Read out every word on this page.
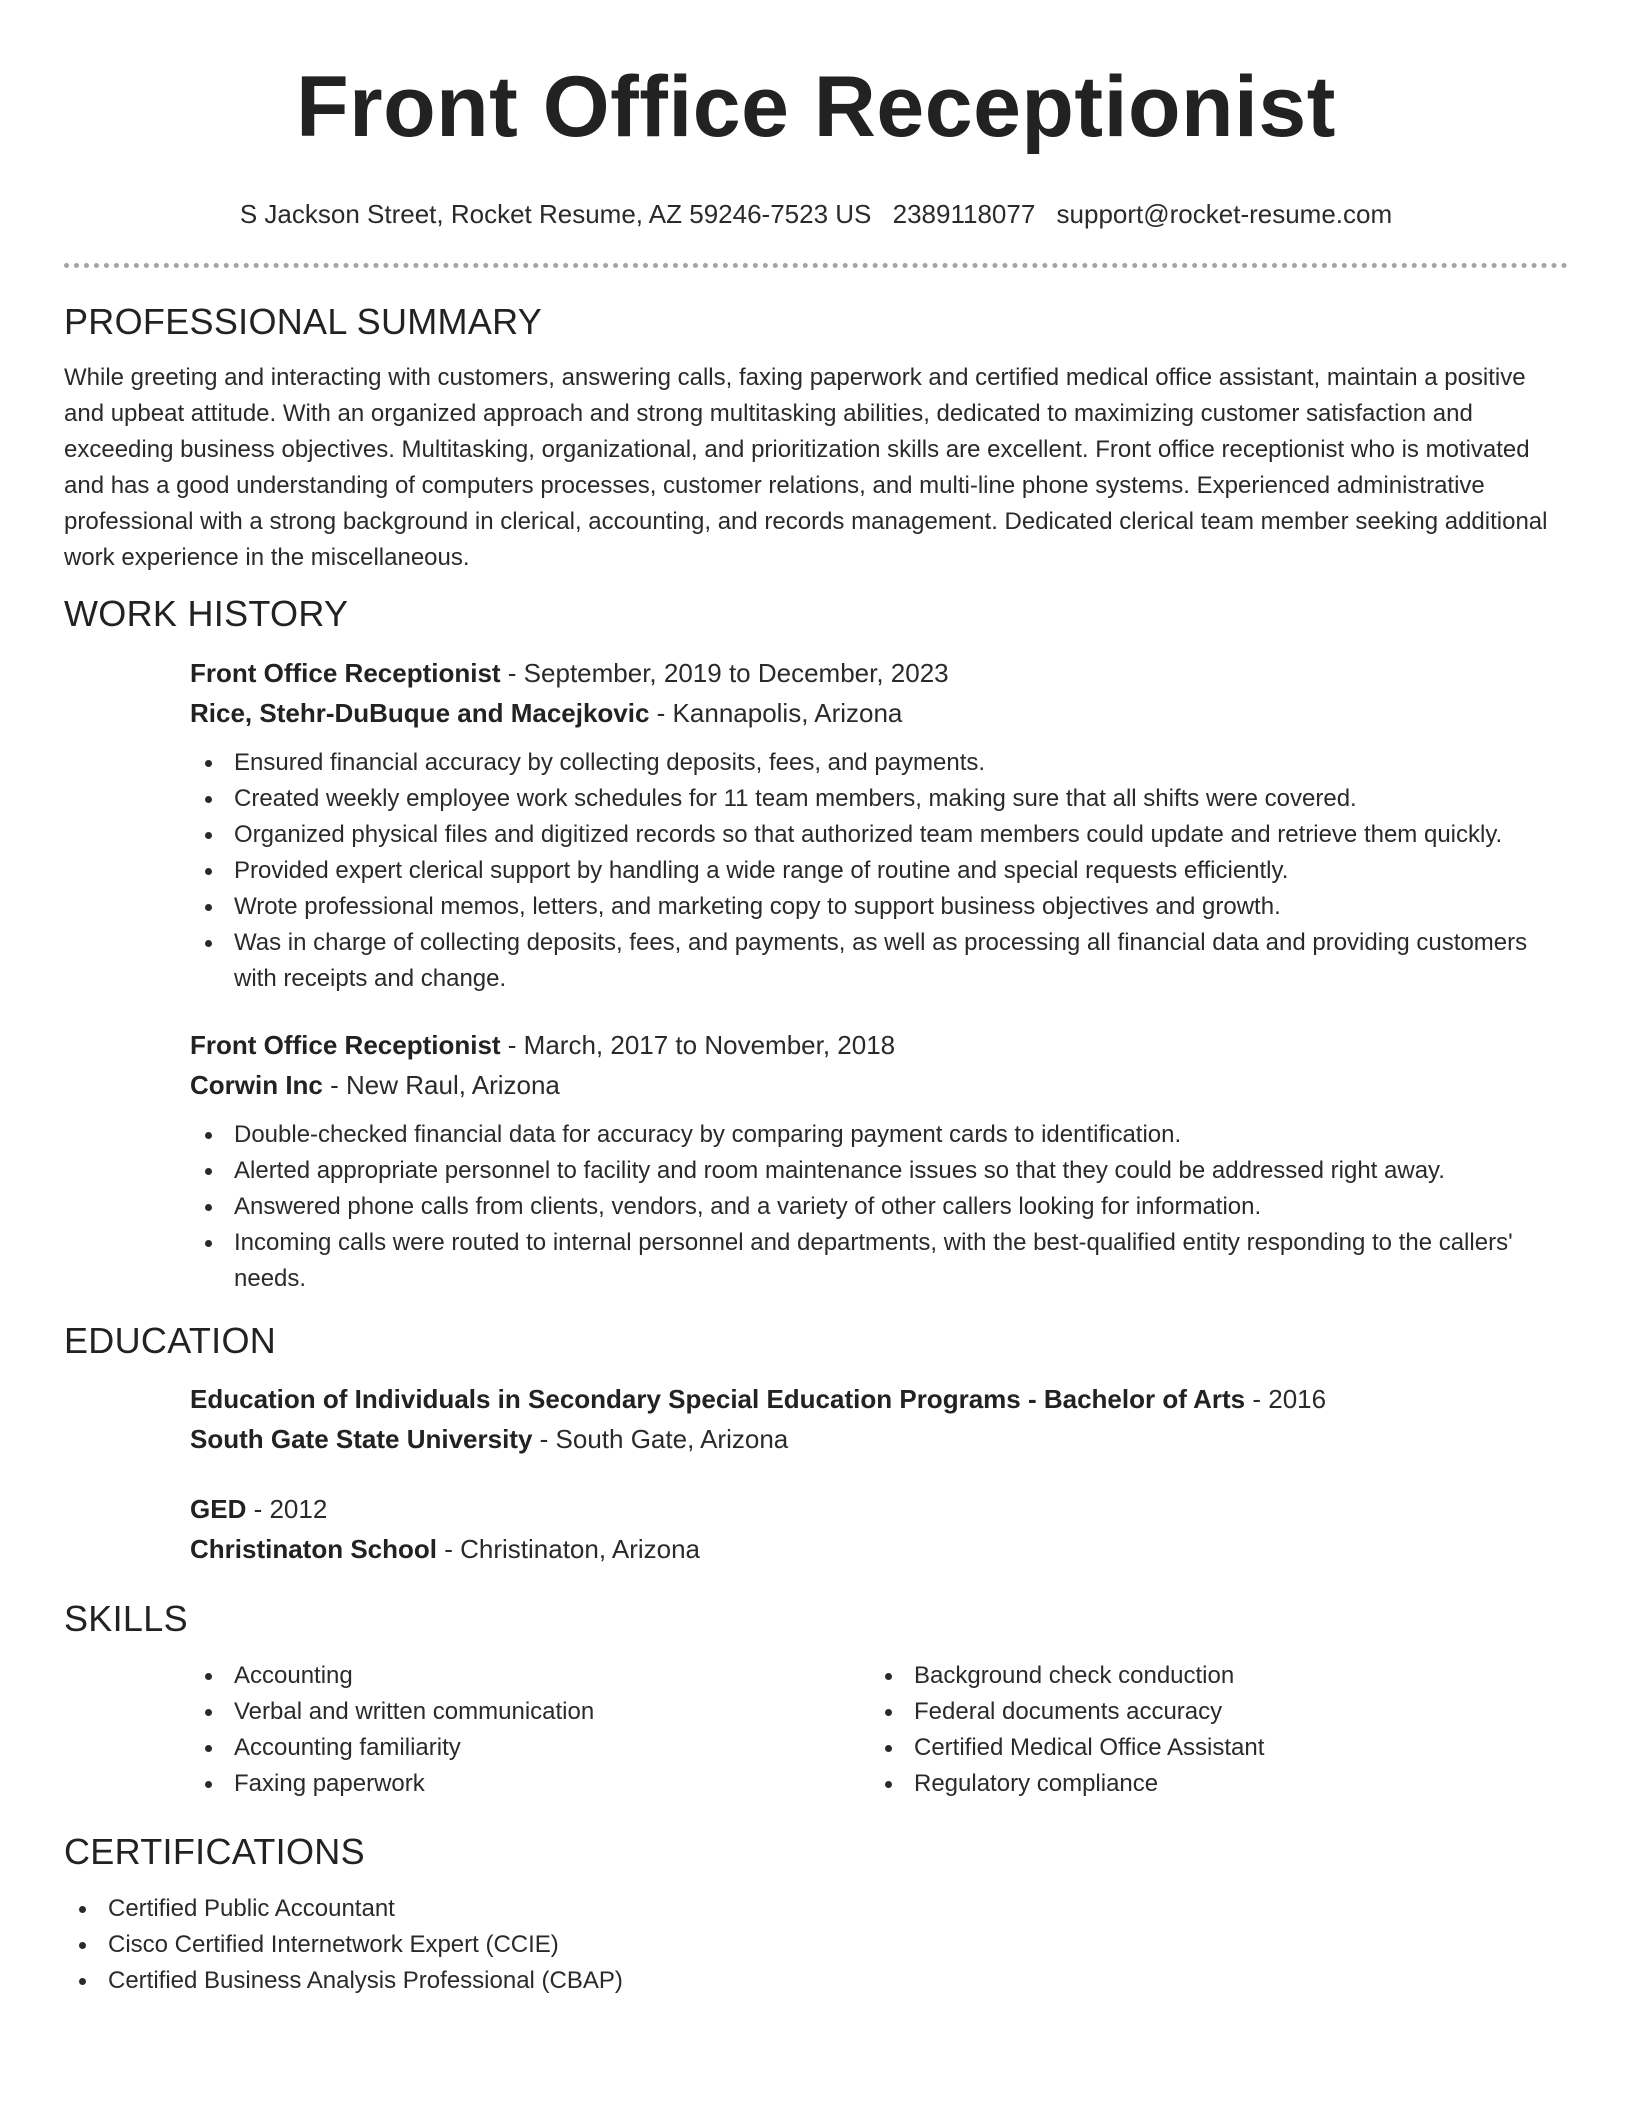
Front Office Receptionist
S Jackson Street, Rocket Resume, AZ 59246-7523 US 2389118077 support@rocket-resume.com
PROFESSIONAL SUMMARY

While greeting and interacting with customers, answering calls, faxing paperwork and certified medical office assistant, maintain a positive and upbeat attitude. With an organized approach and strong multitasking abilities, dedicated to maximizing customer satisfaction and exceeding business objectives. Multitasking, organizational, and prioritization skills are excellent. Front office receptionist who is motivated and has a good understanding of computers processes, customer relations, and multi-line phone systems. Experienced administrative professional with a strong background in clerical, accounting, and records management. Dedicated clerical team member seeking additional work experience in the miscellaneous.

WORK HISTORY
Front Office Receptionist - September, 2019 to December, 2023
Rice, Stehr-DuBuque and Macejkovic - Kannapolis, Arizona
Ensured financial accuracy by collecting deposits, fees, and payments.
Created weekly employee work schedules for 11 team members, making sure that all shifts were covered.
Organized physical files and digitized records so that authorized team members could update and retrieve them quickly.
Provided expert clerical support by handling a wide range of routine and special requests efficiently.
Wrote professional memos, letters, and marketing copy to support business objectives and growth.
Was in charge of collecting deposits, fees, and payments, as well as processing all financial data and providing customers with receipts and change.
Front Office Receptionist - March, 2017 to November, 2018
Corwin Inc - New Raul, Arizona
Double-checked financial data for accuracy by comparing payment cards to identification.
Alerted appropriate personnel to facility and room maintenance issues so that they could be addressed right away.
Answered phone calls from clients, vendors, and a variety of other callers looking for information.
Incoming calls were routed to internal personnel and departments, with the best-qualified entity responding to the callers' needs.
EDUCATION
Education of Individuals in Secondary Special Education Programs - Bachelor of Arts - 2016
South Gate State University - South Gate, Arizona
GED - 2012
Christinaton School - Christinaton, Arizona
SKILLS
Accounting
Verbal and written communication
Accounting familiarity
Faxing paperwork
Background check conduction
Federal documents accuracy
Certified Medical Office Assistant
Regulatory compliance
CERTIFICATIONS
Certified Public Accountant
Cisco Certified Internetwork Expert (CCIE)
Certified Business Analysis Professional (CBAP)
